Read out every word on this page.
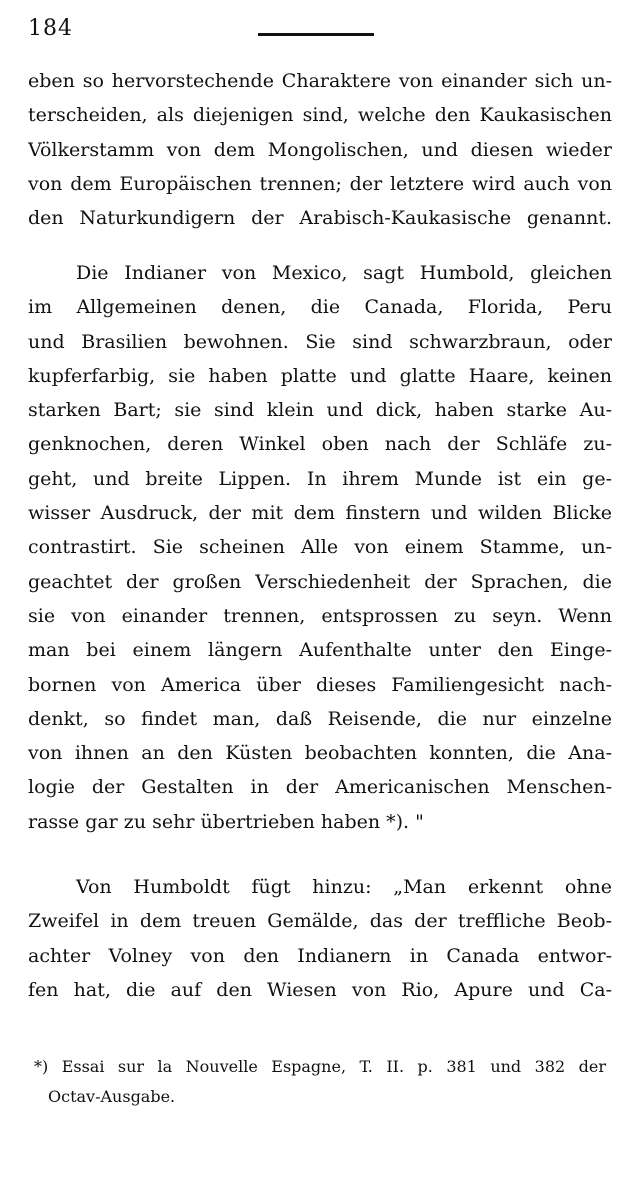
184
eben so hervorstechende Charaktere von einander sich un-
terscheiden, als diejenigen sind, welche den Kaukasischen
Völkerstamm von dem Mongolischen, und diesen wieder
von dem Europäischen trennen; der letztere wird auch von
den Naturkundigern der Arabisch-Kaukasische genannt.
Die Indianer von Mexico, sagt Humbold, gleichen
im Allgemeinen denen, die Canada, Florida, Peru
und Brasilien bewohnen. Sie sind schwarzbraun, oder
kupferfarbig, sie haben platte und glatte Haare, keinen
starken Bart; sie sind klein und dick, haben starke Au-
genknochen, deren Winkel oben nach der Schläfe zu-
geht, und breite Lippen. In ihrem Munde ist ein ge-
wisser Ausdruck, der mit dem finstern und wilden Blicke
contrastirt. Sie scheinen Alle von einem Stamme, un-
geachtet der großen Verschiedenheit der Sprachen, die
sie von einander trennen, entsprossen zu seyn. Wenn
man bei einem längern Aufenthalte unter den Einge-
bornen von America über dieses Familiengesicht nach-
denkt, so findet man, daß Reisende, die nur einzelne
von ihnen an den Küsten beobachten konnten, die Ana-
logie der Gestalten in der Americanischen Menschen-
rasse gar zu sehr übertrieben haben *). "
Von Humboldt fügt hinzu: „Man erkennt ohne
Zweifel in dem treuen Gemälde, das der treffliche Beob-
achter Volney von den Indianern in Canada entwor-
fen hat, die auf den Wiesen von Rio, Apure und Ca-
*) Essai sur la Nouvelle Espagne, T. II. p. 381 und 382 der
Octav-Ausgabe.
